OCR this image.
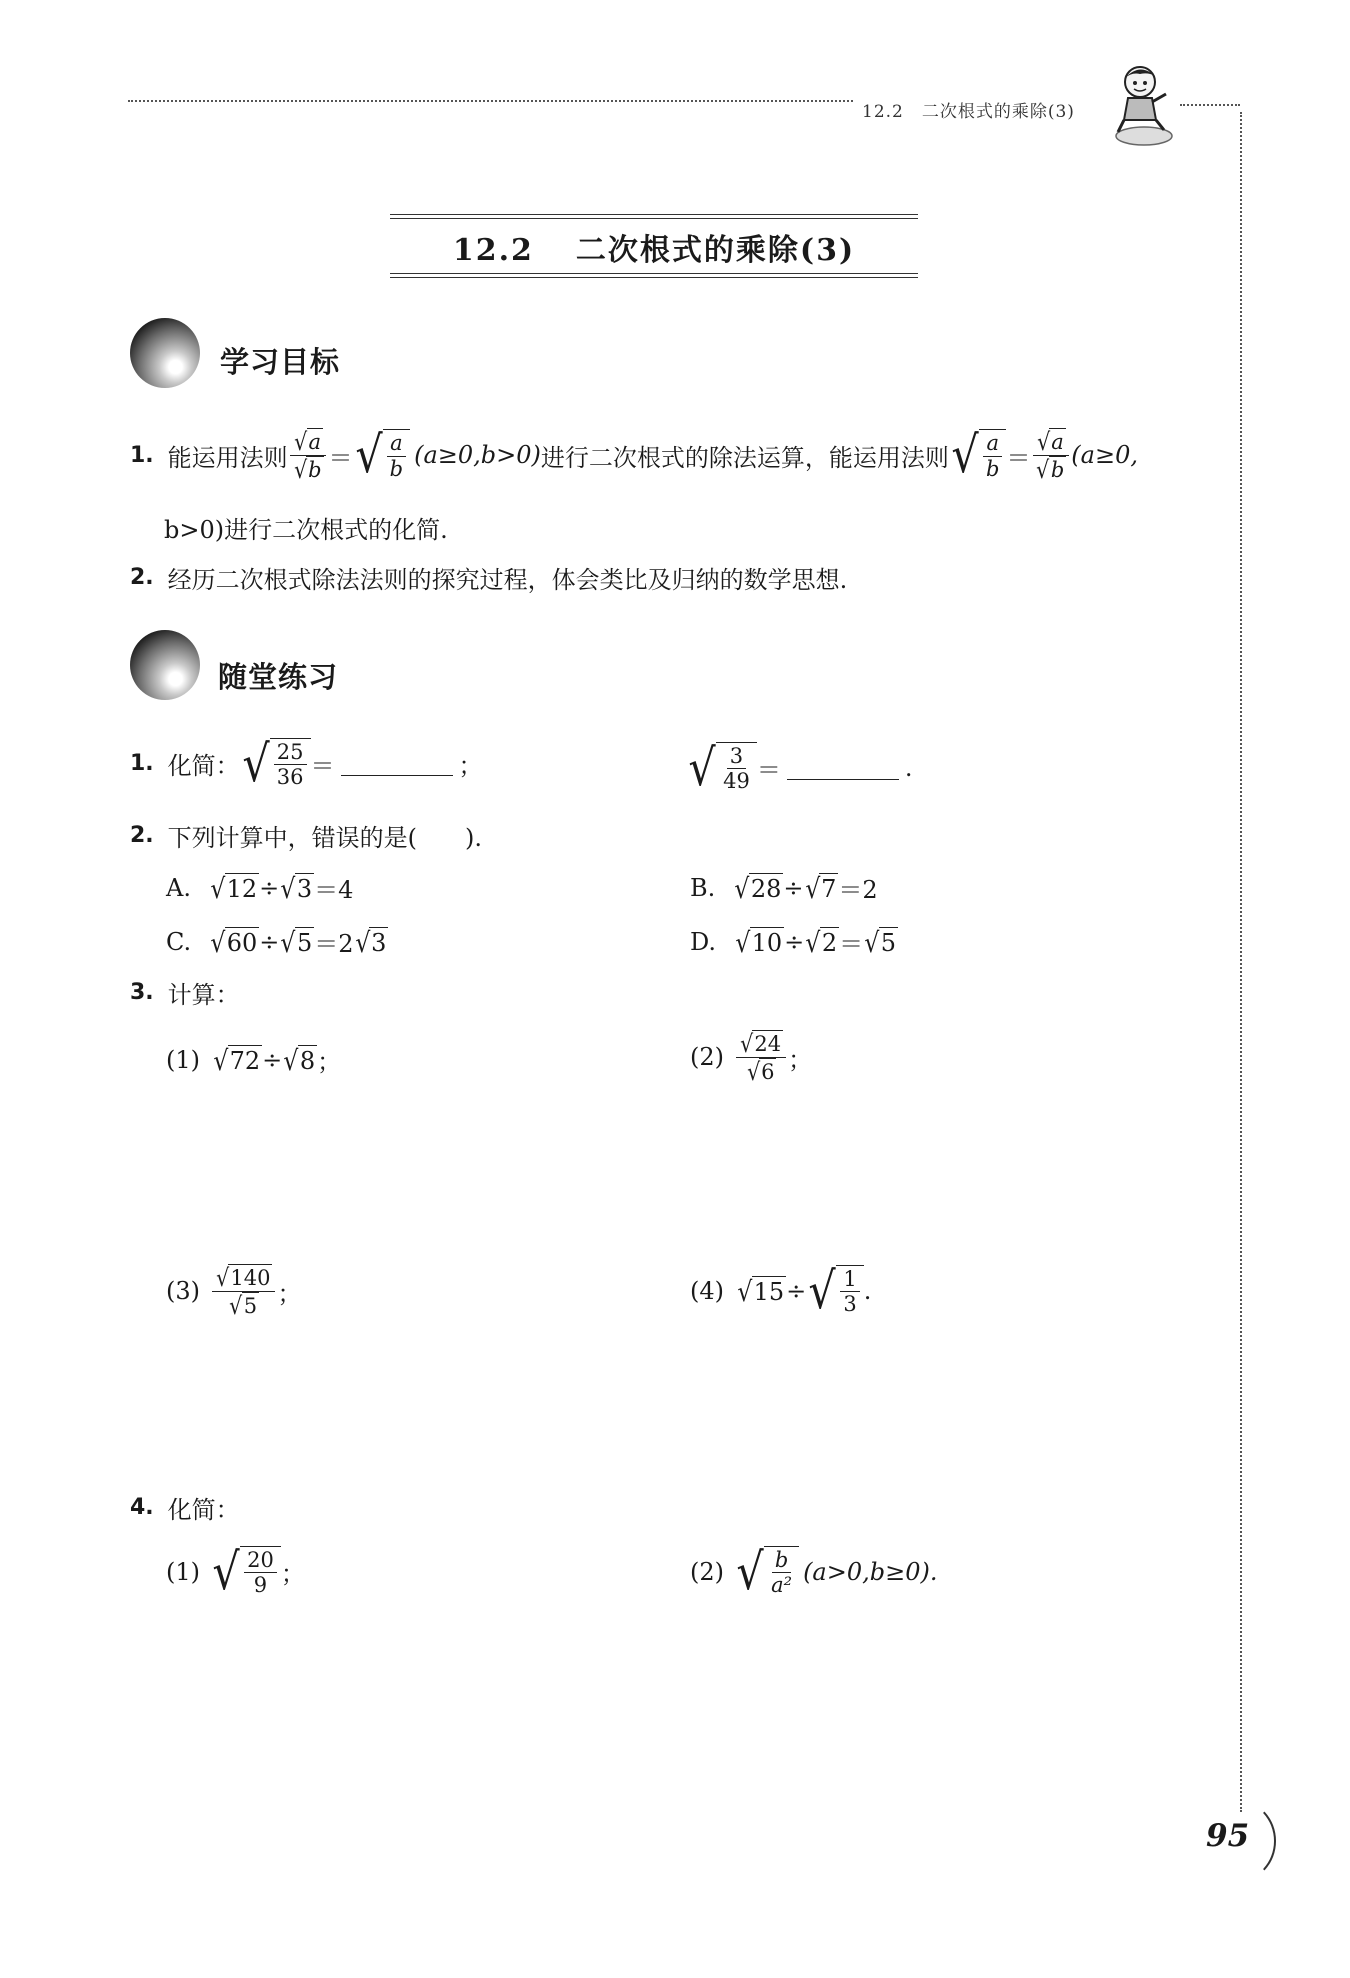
12.2　二次根式的乘除(3)
12.2 二次根式的乘除(3)
学习目标
1. 能运用法则 $\frac{√ a}{√ b}$ ＝ √ $\frac{a}{b} (a\ge 0,b>0)$ 进行二次根式的除法运算，能运用法则 √ $\frac{a}{b} = \frac{√ a}{√ b} (a\ge 0$,
b>0)进行二次根式的化简.
2. 经历二次根式除法法则的探究过程，体会类比及归纳的数学思想.
随堂练习
1. 化简： √ $\frac{25}{36}$ ＝	；	√ $\frac{3}{49}$ ＝	.
2. 下列计算中，错误的是(　　).
A. √ 12 ÷ √ 3 ＝4	B. √ 28 ÷ √ 7 ＝2
C. √ 60 ÷ √ 5 ＝2 √ 3	D. √ 10 ÷ √ 2 ＝ √ 5
3. 计算：
(1) √ 72 ÷ √ 8 ；	$(2) \frac{√ 24}{√ 6}$ ；
$(3) \frac{√ 140}{√ 5}$ ；	(4) √ 15 ÷ √ $\frac{1}{3}$ .
4. 化简：
(1) √ $\frac{20}{9}$ ；	(2) √ $\frac{b}{\text{a²}} (a>0,b\ge 0)$.
95
